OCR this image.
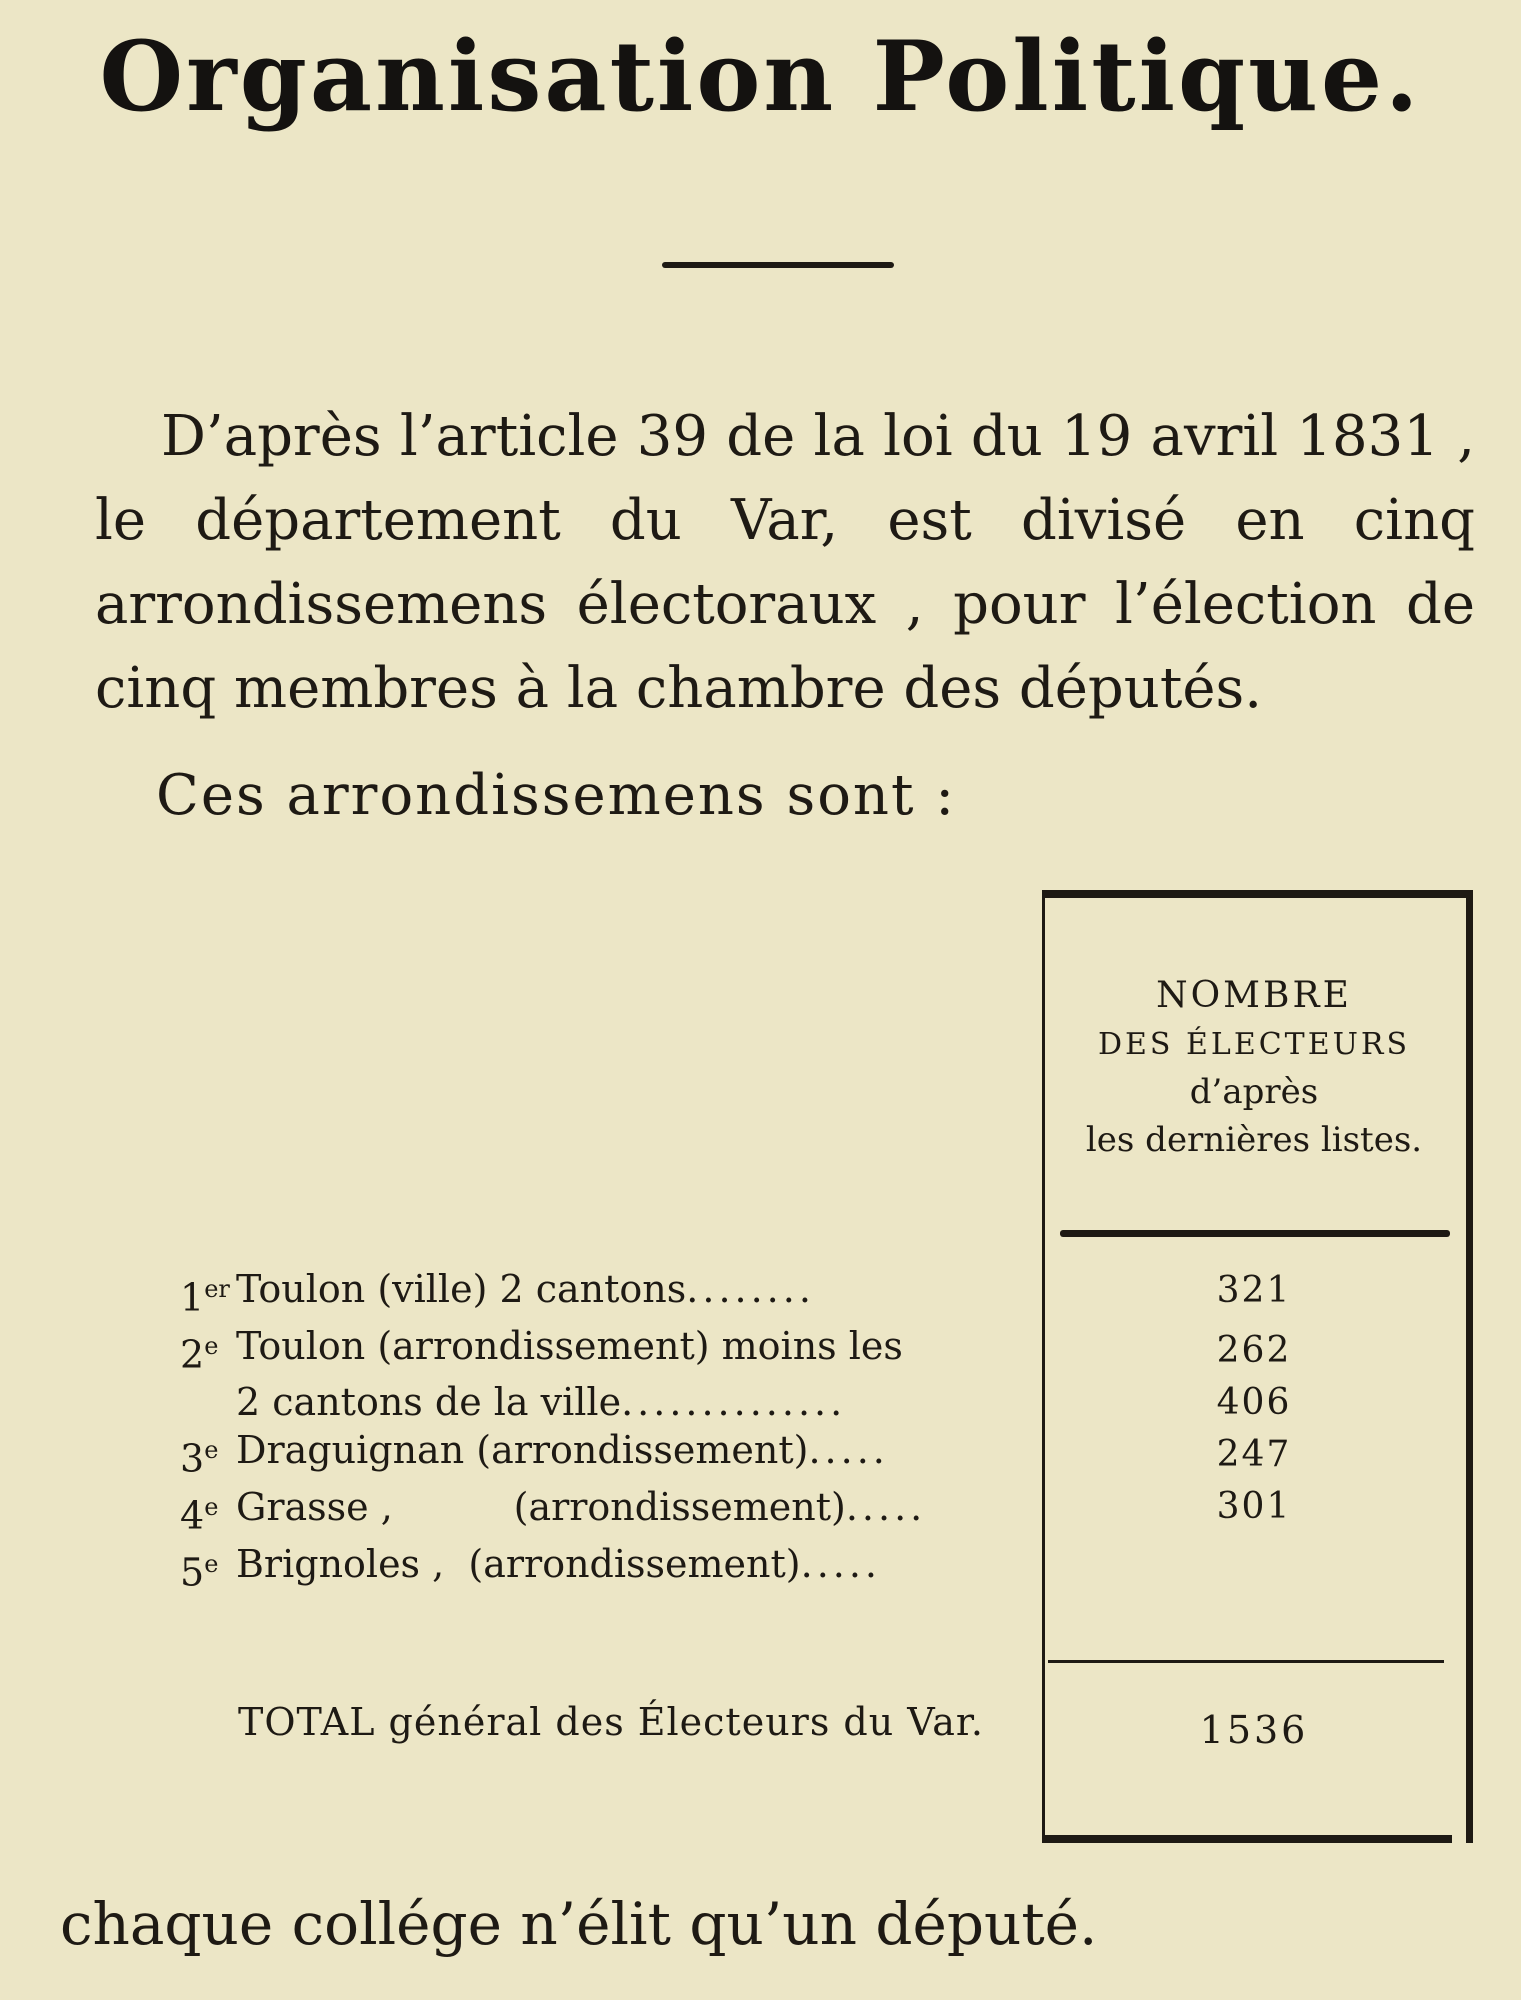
Organisation Politique.
D’après l’article 39 de la loi du 19 avril 1831 , le département du Var, est divisé en cinq arrondissemens électoraux , pour l’élection de cinq membres à la chambre des députés.
Ces arrondissemens sont :
1er Toulon (ville) 2 cantons ........
2e Toulon (arrondissement) moins les
2 cantons de la ville ..............
3e Draguignan (arrondissement) .....
4e Grasse ,          (arrondissement) .....
5e Brignoles ,  (arrondissement) .....
TOTAL général des Électeurs du Var.
NOMBRE
DES ÉLECTEURS
d’après
les dernières listes.
321
262
406
247
301
1536
chaque collége n’élit qu’un député.
